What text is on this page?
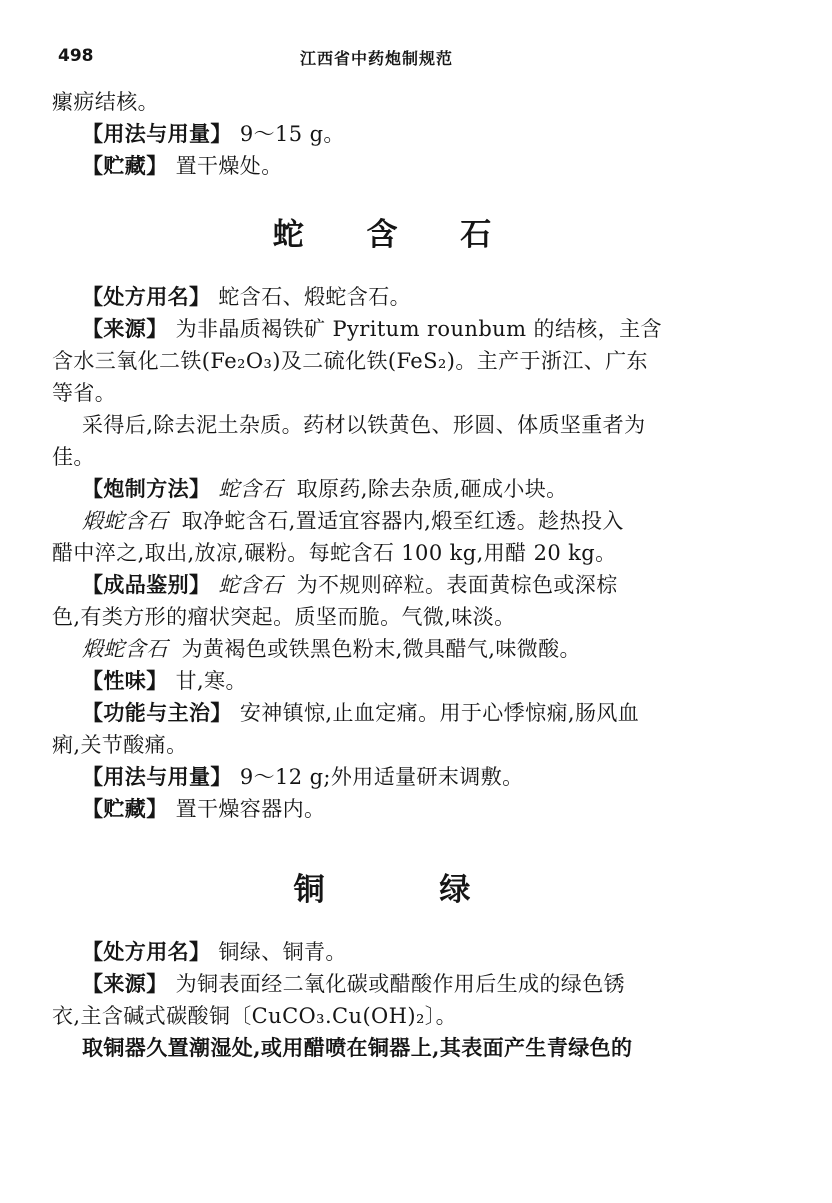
498	江西省中药炮制规范

瘰疬结核。

【用法与用量】 9～15 g。

【贮藏】 置干燥处。

蛇 含 石

【处方用名】 蛇含石、煅蛇含石。

【来源】 为非晶质褐铁矿 Pyritum rounbum 的结核，主含

含水三氧化二铁(Fe₂O₃)及二硫化铁(FeS₂)。主产于浙江、广东

等省。

采得后,除去泥土杂质。药材以铁黄色、形圆、体质坚重者为

佳。

【炮制方法】 蛇含石 取原药,除去杂质,砸成小块。

煅蛇含石 取净蛇含石,置适宜容器内,煅至红透。趁热投入

醋中淬之,取出,放凉,碾粉。每蛇含石 100 kg,用醋 20 kg。

【成品鉴别】 蛇含石 为不规则碎粒。表面黄棕色或深棕

色,有类方形的瘤状突起。质坚而脆。气微,味淡。

煅蛇含石 为黄褐色或铁黑色粉末,微具醋气,味微酸。

【性味】 甘,寒。

【功能与主治】 安神镇惊,止血定痛。用于心悸惊痫,肠风血

痢,关节酸痛。

【用法与用量】 9～12 g;外用适量研末调敷。

【贮藏】 置干燥容器内。

铜 绿

【处方用名】 铜绿、铜青。

【来源】 为铜表面经二氧化碳或醋酸作用后生成的绿色锈

衣,主含碱式碳酸铜〔CuCO₃.Cu(OH)₂〕。

取铜器久置潮湿处,或用醋喷在铜器上,其表面产生青绿色的
